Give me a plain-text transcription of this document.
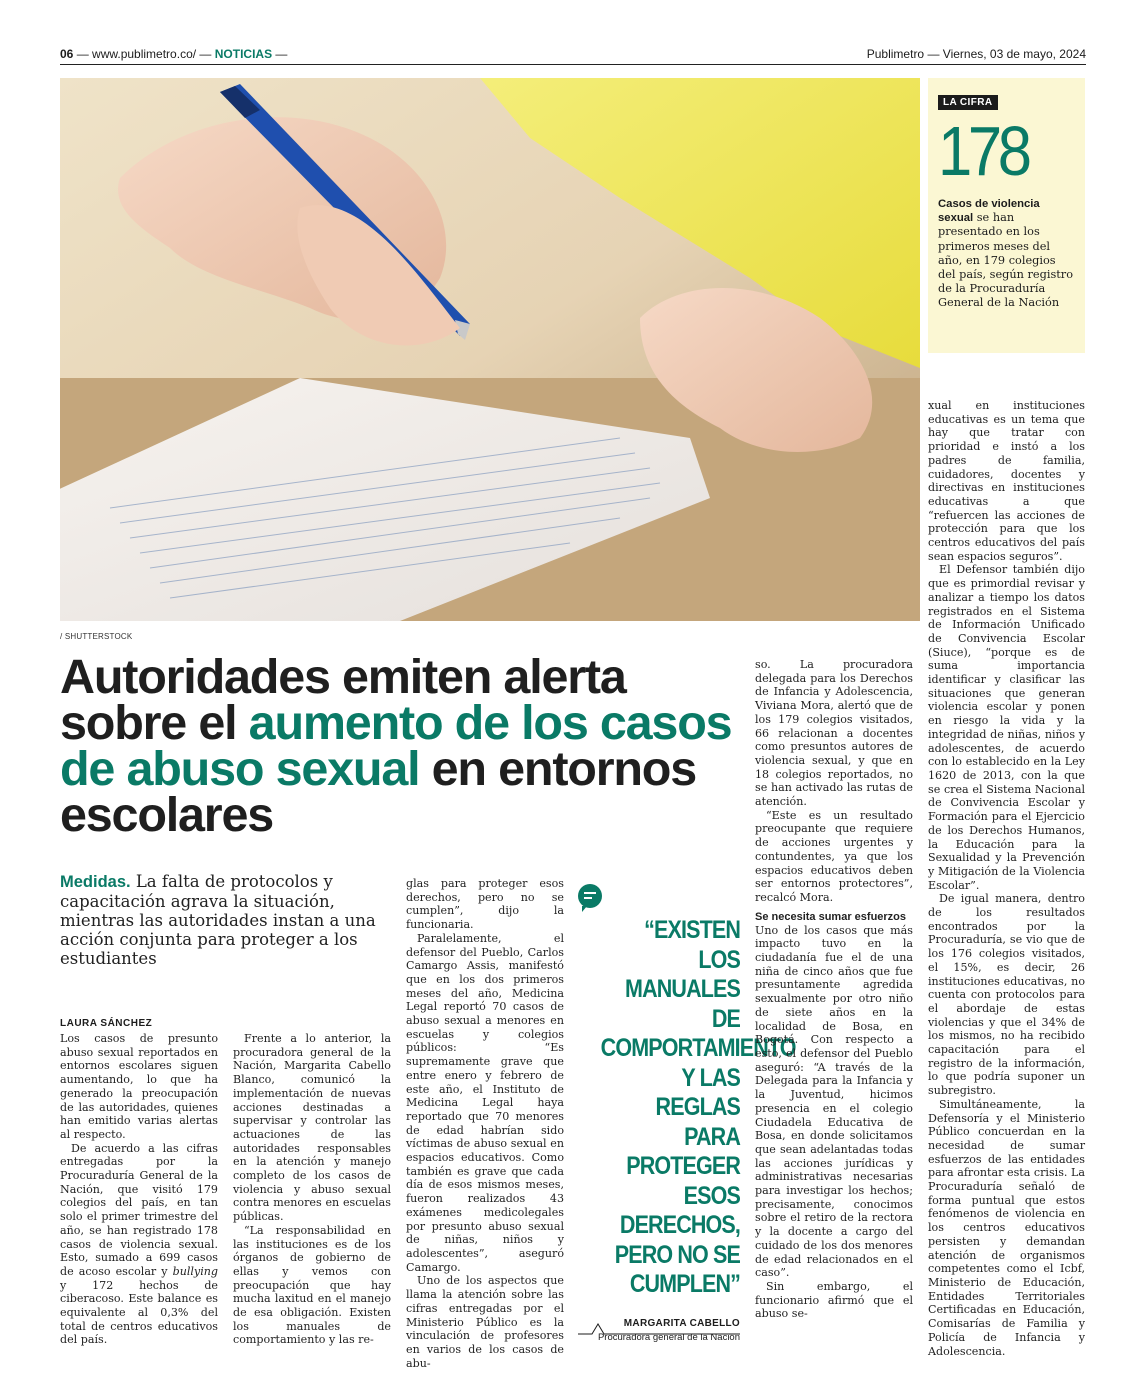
06 — www.publimetro.co/ — NOTICIAS —	Publimetro — Viernes, 03 de mayo, 2024
/ SHUTTERSTOCK
LA CIFRA
178
Casos de violencia sexual se han presentado en los primeros meses del año, en 179 colegios del país, según registro de la Procuraduría General de la Nación
Autoridades emiten alerta sobre el aumento de los casos de abuso sexual en entornos escolares
Medidas. La falta de protocolos y capacitación agrava la situación, mientras las autoridades instan a una acción conjunta para proteger a los estudiantes
LAURA SÁNCHEZ

Los casos de presunto abuso sexual reportados en entornos escolares siguen aumentando, lo que ha generado la preocupación de las autoridades, quienes han emitido varias alertas al respecto.

De acuerdo a las cifras entregadas por la Procuraduría General de la Nación, que visitó 179 colegios del país, en tan solo el primer trimestre del año, se han registrado 178 casos de violencia sexual. Esto, sumado a 699 casos de acoso escolar y bullying y 172 hechos de ciberacoso. Este balance es equivalente al 0,3% del total de centros educativos del país.

Frente a lo anterior, la procuradora general de la Nación, Margarita Cabello Blanco, comunicó la implementación de nuevas acciones destinadas a supervisar y controlar las actuaciones de las autoridades responsables en la atención y manejo completo de los casos de violencia y abuso sexual contra menores en escuelas públicas.

“La responsabilidad en las instituciones es de los órganos de gobierno de ellas y vemos con preocupación que hay mucha laxitud en el manejo de esa obligación. Existen los manuales de comportamiento y las re-

glas para proteger esos derechos, pero no se cumplen”, dijo la funcionaria.

Paralelamente, el defensor del Pueblo, Carlos Camargo Assis, manifestó que en los dos primeros meses del año, Medicina Legal reportó 70 casos de abuso sexual a menores en escuelas y colegios públicos: “Es supremamente grave que entre enero y febrero de este año, el Instituto de Medicina Legal haya reportado que 70 menores de edad habrían sido víctimas de abuso sexual en espacios educativos. Como también es grave que cada día de esos mismos meses, fueron realizados 43 exámenes medicolegales por presunto abuso sexual de niñas, niños y adolescentes”, aseguró Camargo.

Uno de los aspectos que llama la atención sobre las cifras entregadas por el Ministerio Público es la vinculación de profesores en varios de los casos de abu-

“EXISTEN LOS MANUALES DE COMPORTAMIENTO Y LAS REGLAS PARA PROTEGER ESOS DERECHOS, PERO NO SE CUMPLEN”
MARGARITA CABELLO
Procuradora general de la Nación

so. La procuradora delegada para los Derechos de Infancia y Adolescencia, Viviana Mora, alertó que de los 179 colegios visitados, 66 relacionan a docentes como presuntos autores de violencia sexual, y que en 18 colegios reportados, no se han activado las rutas de atención.

“Este es un resultado preocupante que requiere de acciones urgentes y contundentes, ya que los espacios educativos deben ser entornos protectores”, recalcó Mora.

Se necesita sumar esfuerzos

Uno de los casos que más impacto tuvo en la ciudadanía fue el de una niña de cinco años que fue presuntamente agredida sexualmente por otro niño de siete años en la localidad de Bosa, en Bogotá. Con respecto a esto, el defensor del Pueblo aseguró: “A través de la Delegada para la Infancia y la Juventud, hicimos presencia en el colegio Ciudadela Educativa de Bosa, en donde solicitamos que sean adelantadas todas las acciones jurídicas y administrativas necesarias para investigar los hechos; precisamente, conocimos sobre el retiro de la rectora y la docente a cargo del cuidado de los dos menores de edad relacionados en el caso”.

Sin embargo, el funcionario afirmó que el abuso se-

xual en instituciones educativas es un tema que hay que tratar con prioridad e instó a los padres de familia, cuidadores, docentes y directivas en instituciones educativas a que “refuercen las acciones de protección para que los centros educativos del país sean espacios seguros”.

El Defensor también dijo que es primordial revisar y analizar a tiempo los datos registrados en el Sistema de Información Unificado de Convivencia Escolar (Siuce), “porque es de suma importancia identificar y clasificar las situaciones que generan violencia escolar y ponen en riesgo la vida y la integridad de niñas, niños y adolescentes, de acuerdo con lo establecido en la Ley 1620 de 2013, con la que se crea el Sistema Nacional de Convivencia Escolar y Formación para el Ejercicio de los Derechos Humanos, la Educación para la Sexualidad y la Prevención y Mitigación de la Violencia Escolar”.

De igual manera, dentro de los resultados encontrados por la Procuraduría, se vio que de los 176 colegios visitados, el 15%, es decir, 26 instituciones educativas, no cuenta con protocolos para el abordaje de estas violencias y que el 34% de los mismos, no ha recibido capacitación para el registro de la información, lo que podría suponer un subregistro.

Simultáneamente, la Defensoría y el Ministerio Público concuerdan en la necesidad de sumar esfuerzos de las entidades para afrontar esta crisis. La Procuraduría señaló de forma puntual que estos fenómenos de violencia en los centros educativos persisten y demandan atención de organismos competentes como el Icbf, Ministerio de Educación, Entidades Territoriales Certificadas en Educación, Comisarías de Familia y Policía de Infancia y Adolescencia.
